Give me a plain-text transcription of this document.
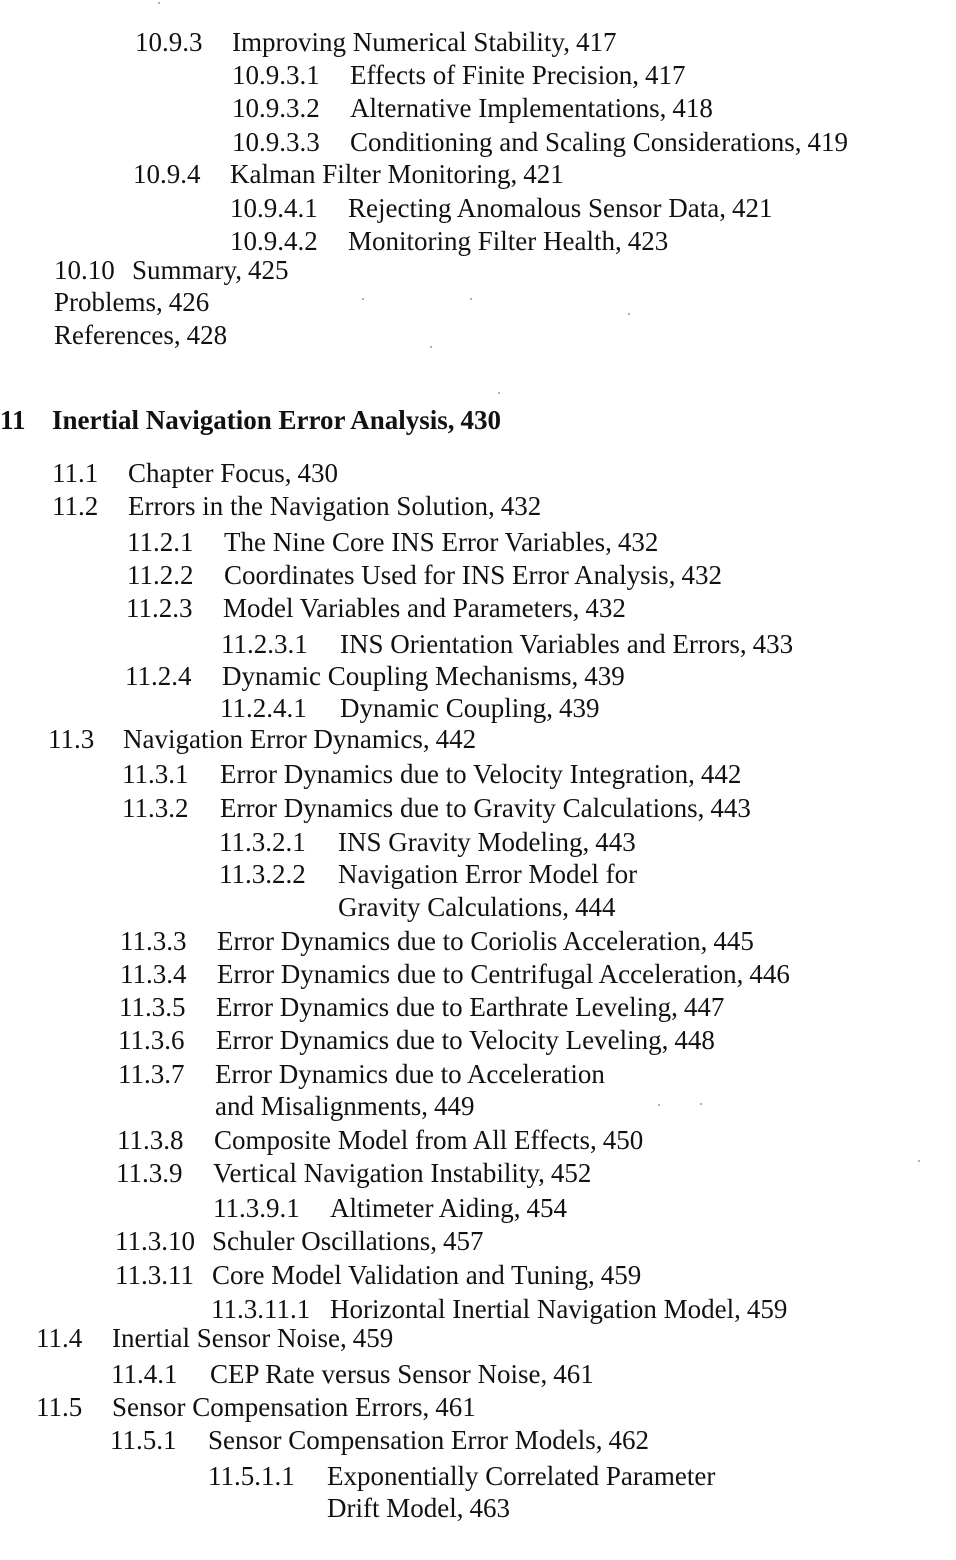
10.9.3 Improving Numerical Stability, 417
10.9.3.1 Effects of Finite Precision, 417
10.9.3.2 Alternative Implementations, 418
10.9.3.3 Conditioning and Scaling Considerations, 419
10.9.4 Kalman Filter Monitoring, 421
10.9.4.1 Rejecting Anomalous Sensor Data, 421
10.9.4.2 Monitoring Filter Health, 423
10.10 Summary, 425
Problems, 426
References, 428
11 Inertial Navigation Error Analysis, 430
11.1 Chapter Focus, 430
11.2 Errors in the Navigation Solution, 432
11.2.1 The Nine Core INS Error Variables, 432
11.2.2 Coordinates Used for INS Error Analysis, 432
11.2.3 Model Variables and Parameters, 432
11.2.3.1 INS Orientation Variables and Errors, 433
11.2.4 Dynamic Coupling Mechanisms, 439
11.2.4.1 Dynamic Coupling, 439
11.3 Navigation Error Dynamics, 442
11.3.1 Error Dynamics due to Velocity Integration, 442
11.3.2 Error Dynamics due to Gravity Calculations, 443
11.3.2.1 INS Gravity Modeling, 443
11.3.2.2 Navigation Error Model for
Gravity Calculations, 444
11.3.3 Error Dynamics due to Coriolis Acceleration, 445
11.3.4 Error Dynamics due to Centrifugal Acceleration, 446
11.3.5 Error Dynamics due to Earthrate Leveling, 447
11.3.6 Error Dynamics due to Velocity Leveling, 448
11.3.7 Error Dynamics due to Acceleration
and Misalignments, 449
11.3.8 Composite Model from All Effects, 450
11.3.9 Vertical Navigation Instability, 452
11.3.9.1 Altimeter Aiding, 454
11.3.10 Schuler Oscillations, 457
11.3.11 Core Model Validation and Tuning, 459
11.3.11.1 Horizontal Inertial Navigation Model, 459
11.4 Inertial Sensor Noise, 459
11.4.1 CEP Rate versus Sensor Noise, 461
11.5 Sensor Compensation Errors, 461
11.5.1 Sensor Compensation Error Models, 462
11.5.1.1 Exponentially Correlated Parameter
Drift Model, 463
